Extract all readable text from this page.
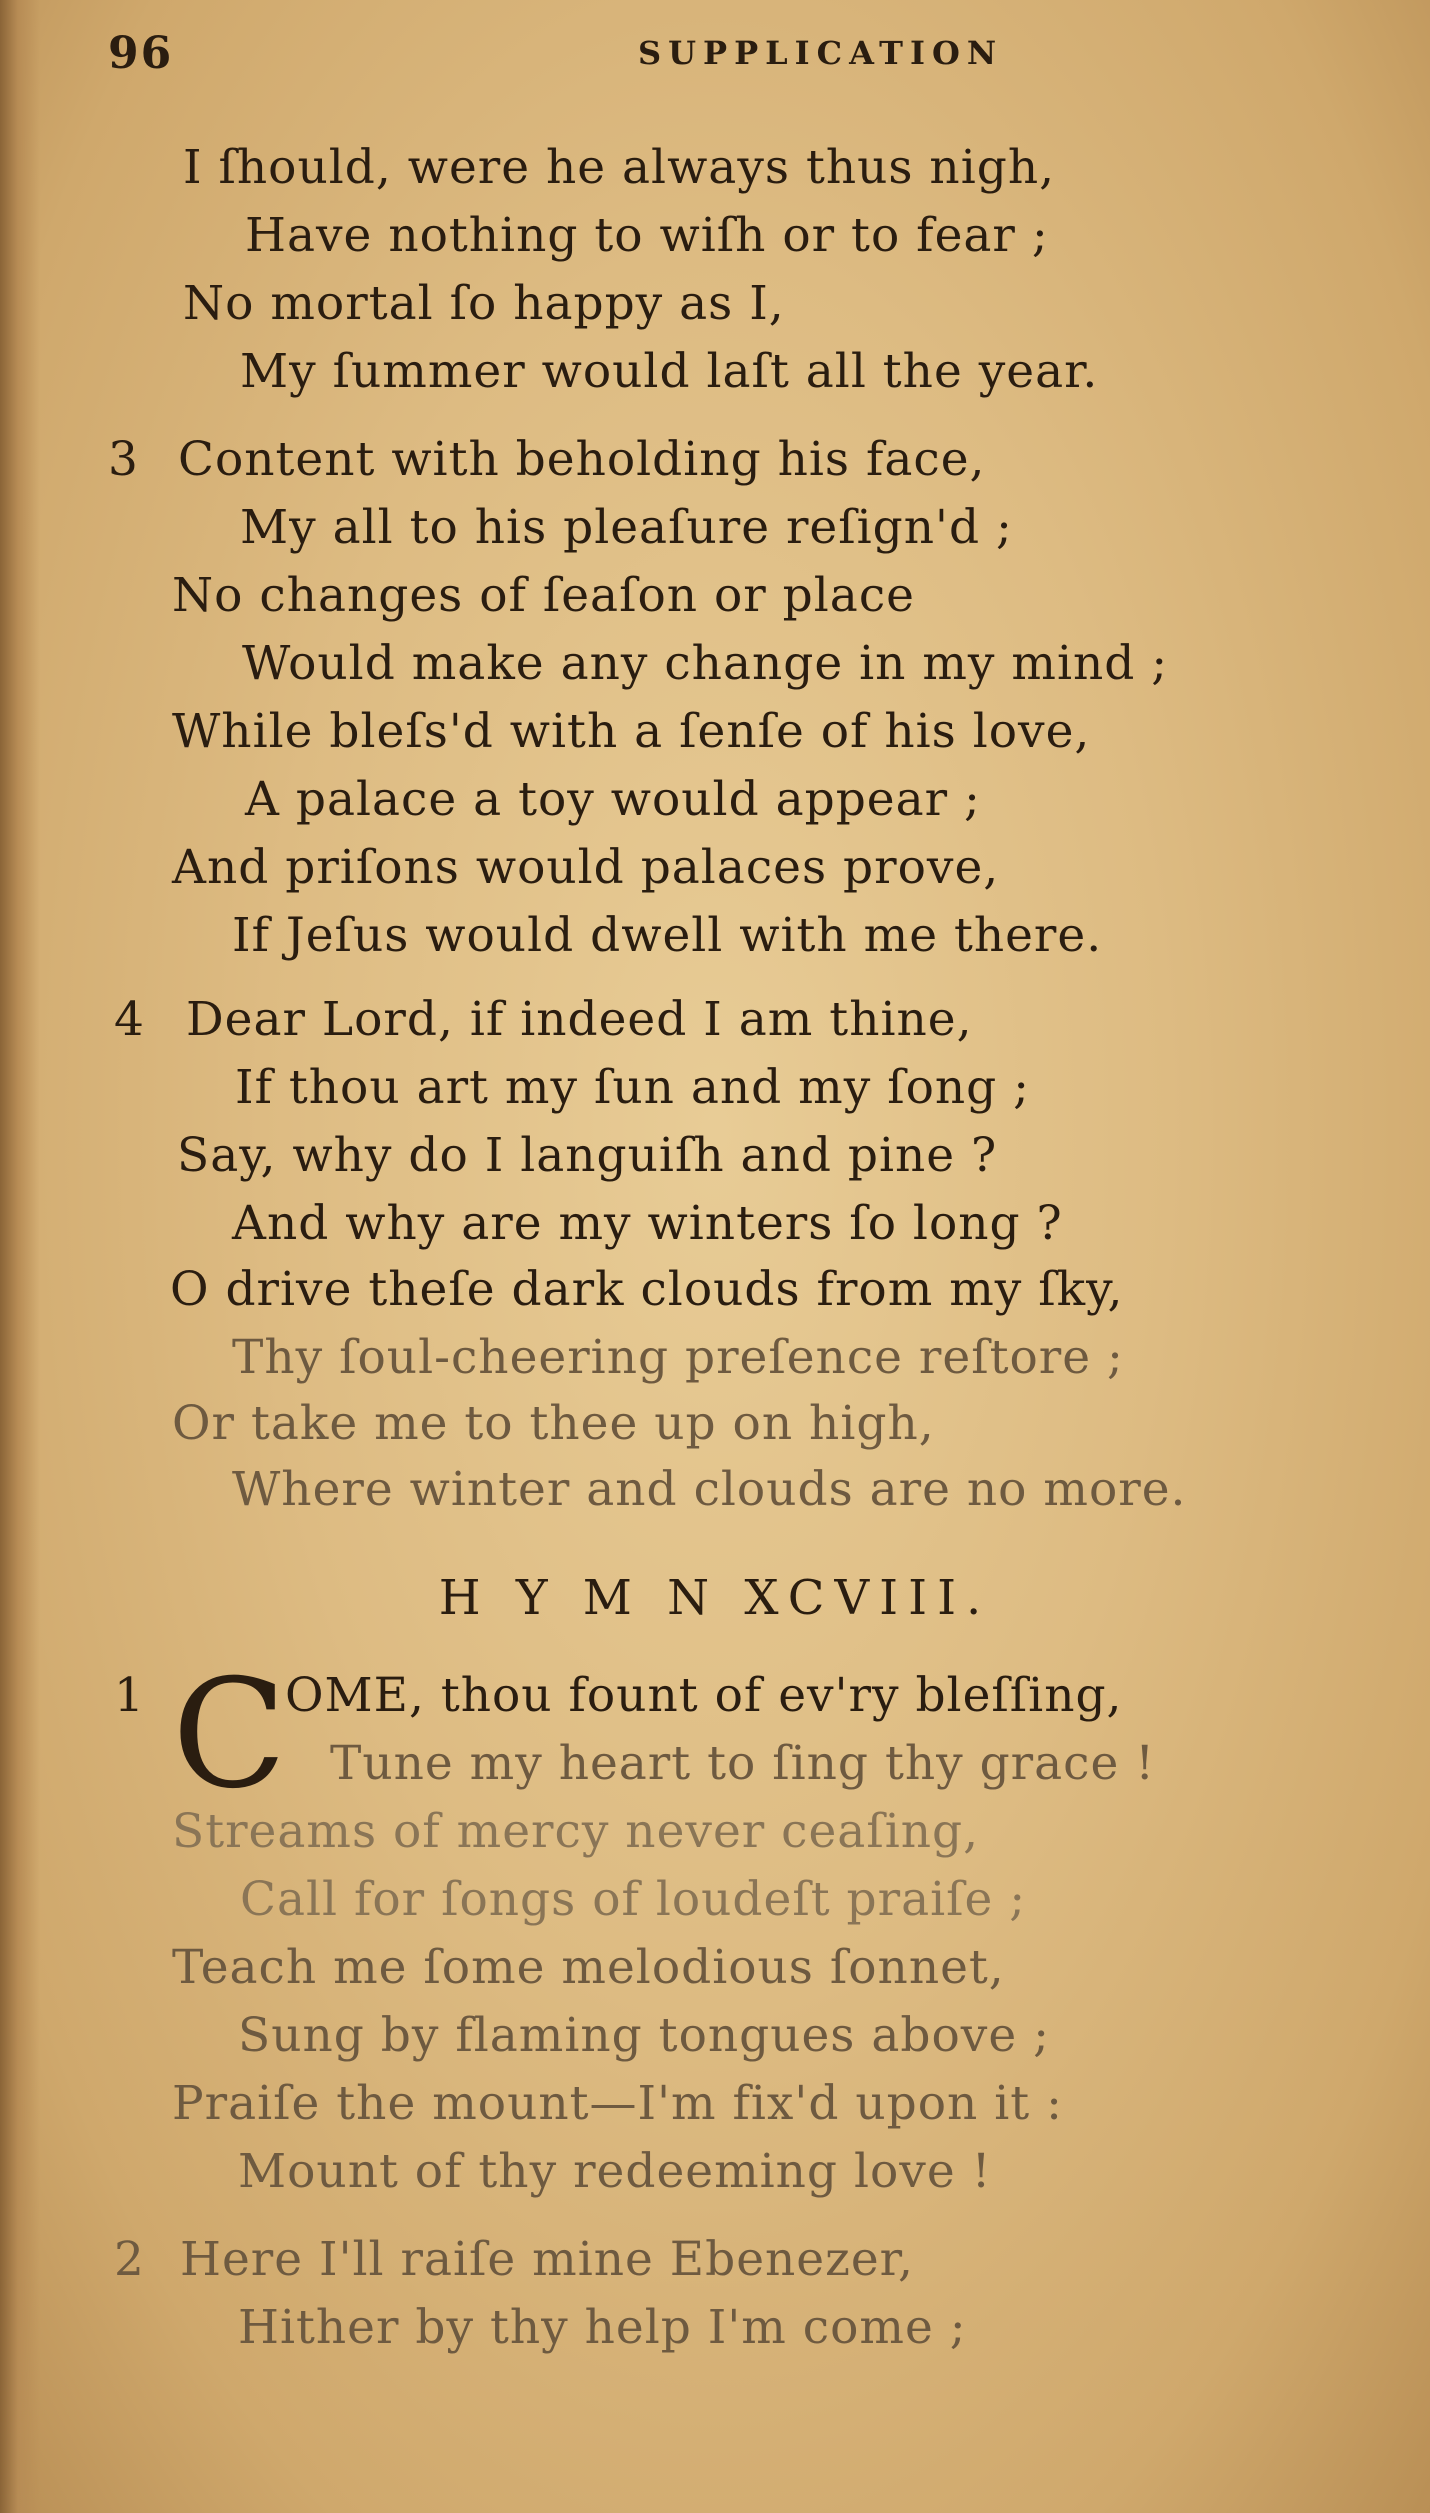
96	SUPPLICATION
I ſhould, were he always thus nigh,
Have nothing to wiſh or to fear ;
No mortal ſo happy as I,
My ſummer would laſt all the year.
3 Content with beholding his face,
My all to his pleaſure reſign'd ;
No changes of ſeaſon or place
Would make any change in my mind ;
While bleſs'd with a ſenſe of his love,
A palace a toy would appear ;
And priſons would palaces prove,
If Jeſus would dwell with me there.
4 Dear Lord, if indeed I am thine,
If thou art my ſun and my ſong ;
Say, why do I languiſh and pine ?
And why are my winters ſo long ?
O drive theſe dark clouds from my ſky,
Thy ſoul-cheering preſence reſtore ;
Or take me to thee up on high,
Where winter and clouds are no more.
H Y M N XCVIII.
1 C
OME, thou fount of ev'ry bleſſing,
Tune my heart to ſing thy grace !
Streams of mercy never ceaſing,
Call for ſongs of loudeſt praiſe ;
Teach me ſome melodious ſonnet,
Sung by flaming tongues above ;
Praiſe the mount—I'm fix'd upon it :
Mount of thy redeeming love !
2 Here I'll raiſe mine Ebenezer,
Hither by thy help I'm come ;
